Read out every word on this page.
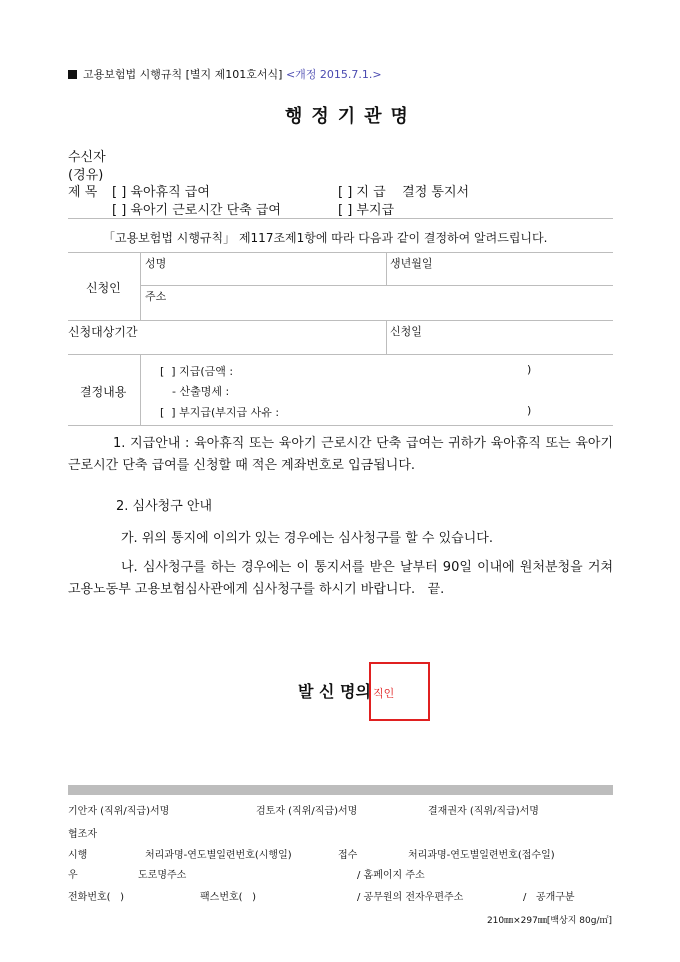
고용보험법 시행규칙 [별지 제101호서식] <개정 2015.7.1.>
행정기관명
수신자
(경유)
제 목 [ ] 육아휴직 급여
[ ] 육아기 근로시간 단축 급여
[ ] 지 급    결정 통지서
[ ] 부지급
「고용보험법 시행규칙」 제117조제1항에 따라 다음과 같이 결정하여 알려드립니다.
신청인
성명	생년월일
주소
신청대상기간	신청일
결정내용
[  ] 지급(금액 :	)
- 산출명세 :
[  ] 부지급(부지급 사유 :	)
1. 지급안내 : 육아휴직 또는 육아기 근로시간 단축 급여는 귀하가 육아휴직 또는 육아기 근로시간 단축 급여를 신청할 때 적은 계좌번호로 입금됩니다.
2. 심사청구 안내
가. 위의 통지에 이의가 있는 경우에는 심사청구를 할 수 있습니다.
나. 심사청구를 하는 경우에는 이 통지서를 받은 날부터 90일 이내에 원처분청을 거쳐 고용노동부 고용보험심사관에게 심사청구를 하시기 바랍니다.   끝.
발 신 명의 직인
기안자 (직위/직급)서명	검토자 (직위/직급)서명	결재권자 (직위/직급)서명
협조자
시행	처리과명-연도별일련번호(시행일)	접수	처리과명-연도별일련번호(접수일)
우	도로명주소	/ 홈페이지 주소
전화번호(   )	팩스번호(   )	/ 공무원의 전자우편주소	/   공개구분
210㎜×297㎜[백상지 80g/㎡]
